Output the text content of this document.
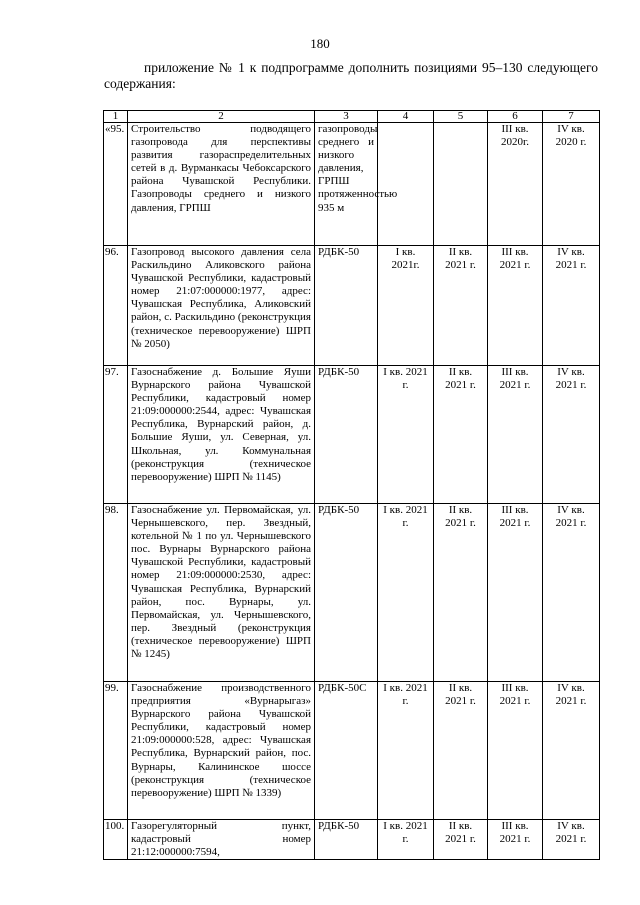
180
приложение № 1 к подпрограмме дополнить позициями 95–130 следующего содержания:
1	2	3	4	5	6	7
«95.	Строительство подводящего газопровода для перспективы развития газораспределительных сетей в д. Вурманкасы Чебоксарского района Чувашской Республики. Газопроводы среднего и низкого давления, ГРПШ	газопроводы среднего и низкого давления, ГРПШ протяженностью 935 м			III кв. 2020г.	IV кв. 2020 г.
96.	Газопровод высокого давления села Раскильдино Аликовского района Чувашской Республики, кадастровый номер 21:07:000000:1977, адрес: Чувашская Республика, Аликовский район, с. Раскильдино (реконструкция (техническое перевооружение) ШРП № 2050)	РДБК-50	I кв. 2021г.	II кв. 2021 г.	III кв. 2021 г.	IV кв. 2021 г.
97.	Газоснабжение д. Большие Яуши Вурнарского района Чувашской Республики, кадастровый номер 21:09:000000:2544, адрес: Чувашская Республика, Вурнарский район, д. Большие Яуши, ул. Северная, ул. Школьная, ул. Коммунальная (реконструкция (техническое перевооружение) ШРП № 1145)	РДБК-50	I кв. 2021 г.	II кв. 2021 г.	III кв. 2021 г.	IV кв. 2021 г.
98.	Газоснабжение ул. Первомайская, ул. Чернышевского, пер. Звездный, котельной № 1 по ул. Чернышевского пос. Вурнары Вурнарского района Чувашской Республики, кадастровый номер 21:09:000000:2530, адрес: Чувашская Республика, Вурнарский район, пос. Вурнары, ул. Первомайская, ул. Чернышевского, пер. Звездный (реконструкция (техническое перевооружение) ШРП № 1245)	РДБК-50	I кв. 2021 г.	II кв. 2021 г.	III кв. 2021 г.	IV кв. 2021 г.
99.	Газоснабжение производственного предприятия «Вурнарыгаз» Вурнарского района Чувашской Республики, кадастровый номер 21:09:000000:528, адрес: Чувашская Республика, Вурнарский район, пос. Вурнары, Калининское шоссе (реконструкция (техническое перевооружение) ШРП № 1339)	РДБК-50С	I кв. 2021 г.	II кв. 2021 г.	III кв. 2021 г.	IV кв. 2021 г.
100.	Газорегуляторный пункт, кадастровый номер 21:12:000000:7594,	РДБК-50	I кв. 2021 г.	II кв. 2021 г.	III кв. 2021 г.	IV кв. 2021 г.
